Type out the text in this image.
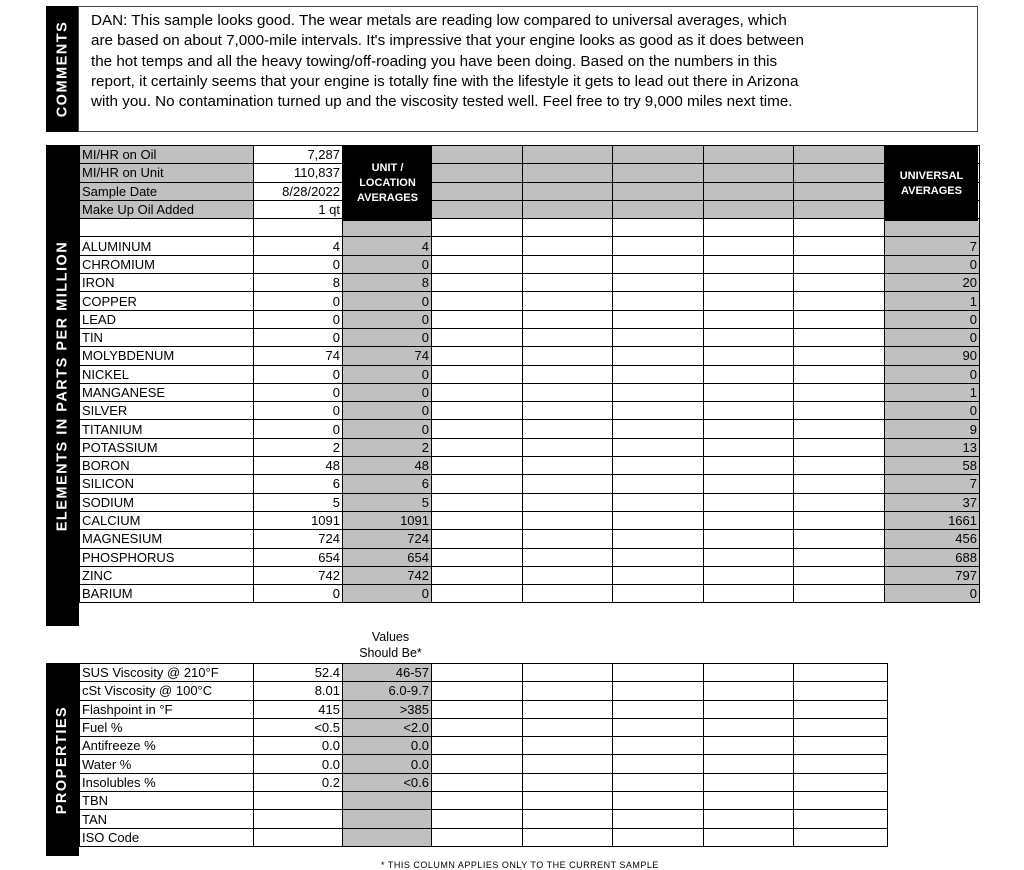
COMMENTS
DAN: This sample looks good. The wear metals are reading low compared to universal averages, which
are based on about 7,000-mile intervals. It's impressive that your engine looks as good as it does between
the hot temps and all the heavy towing/off-roading you have been doing. Based on the numbers in this
report, it certainly seems that your engine is totally fine with the lifestyle it gets to lead out there in Arizona
with you. No contamination turned up and the viscosity tested well. Feel free to try 9,000 miles next time.
ELEMENTS IN PARTS PER MILLION
MI/HR on Oil	7,287							
MI/HR on Unit	110,837							
Sample Date	8/28/2022							
Make Up Oil Added	1 qt							

ALUMINUM	4	4						7
CHROMIUM	0	0						0
IRON	8	8						20
COPPER	0	0						1
LEAD	0	0						0
TIN	0	0						0
MOLYBDENUM	74	74						90
NICKEL	0	0						0
MANGANESE	0	0						1
SILVER	0	0						0
TITANIUM	0	0						9
POTASSIUM	2	2						13
BORON	48	48						58
SILICON	6	6						7
SODIUM	5	5						37
CALCIUM	1091	1091						1661
MAGNESIUM	724	724						456
PHOSPHORUS	654	654						688
ZINC	742	742						797
BARIUM	0	0						0
UNIT / LOCATION AVERAGES
UNIVERSAL AVERAGES
Values
Should Be*
PROPERTIES
SUS Viscosity @ 210°F	52.4	46-57					
cSt Viscosity @ 100°C	8.01	6.0-9.7					
Flashpoint in °F	415	>385					
Fuel %	<0.5	<2.0					
Antifreeze %	0.0	0.0					
Water %	0.0	0.0					
Insolubles %	0.2	<0.6					
TBN							
TAN							
ISO Code							
* THIS COLUMN APPLIES ONLY TO THE CURRENT SAMPLE
